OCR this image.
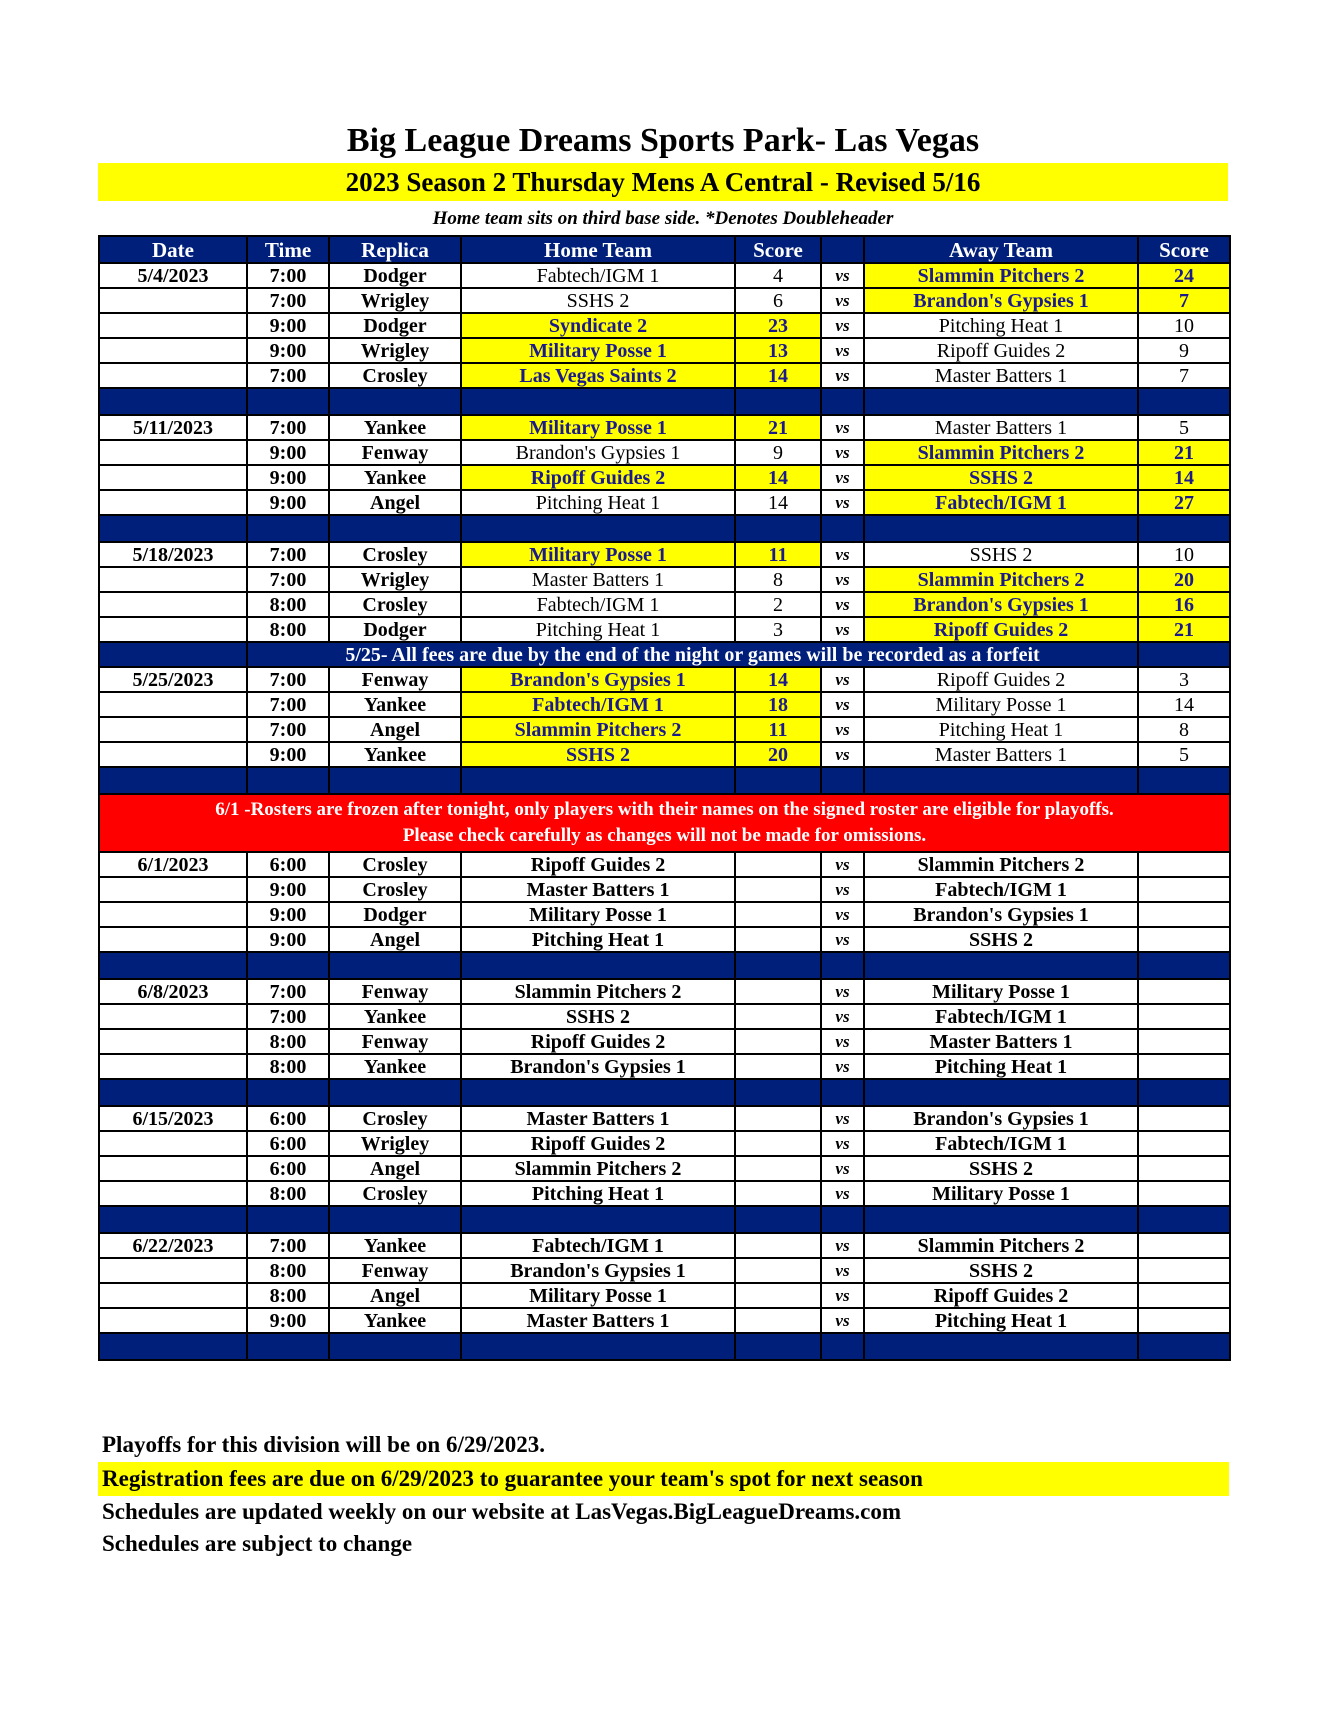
Big League Dreams Sports Park- Las Vegas
2023 Season 2 Thursday Mens A Central - Revised 5/16
Home team sits on third base side. *Denotes Doubleheader
Date	Time	Replica	Home Team	Score		Away Team	Score
5/4/2023	7:00	Dodger	Fabtech/IGM 1	4	vs	Slammin Pitchers 2	24
	7:00	Wrigley	SSHS 2	6	vs	Brandon's Gypsies 1	7
	9:00	Dodger	Syndicate 2	23	vs	Pitching Heat 1	10
	9:00	Wrigley	Military Posse 1	13	vs	Ripoff Guides 2	9
	7:00	Crosley	Las Vegas Saints 2	14	vs	Master Batters 1	7

5/11/2023	7:00	Yankee	Military Posse 1	21	vs	Master Batters 1	5
	9:00	Fenway	Brandon's Gypsies 1	9	vs	Slammin Pitchers 2	21
	9:00	Yankee	Ripoff Guides 2	14	vs	SSHS 2	14
	9:00	Angel	Pitching Heat 1	14	vs	Fabtech/IGM 1	27

5/18/2023	7:00	Crosley	Military Posse 1	11	vs	SSHS 2	10
	7:00	Wrigley	Master Batters 1	8	vs	Slammin Pitchers 2	20
	8:00	Crosley	Fabtech/IGM 1	2	vs	Brandon's Gypsies 1	16
	8:00	Dodger	Pitching Heat 1	3	vs	Ripoff Guides 2	21
	5/25- All fees are due by the end of the night or games will be recorded as a forfeit						
5/25/2023	7:00	Fenway	Brandon's Gypsies 1	14	vs	Ripoff Guides 2	3
	7:00	Yankee	Fabtech/IGM 1	18	vs	Military Posse 1	14
	7:00	Angel	Slammin Pitchers 2	11	vs	Pitching Heat 1	8
	9:00	Yankee	SSHS 2	20	vs	Master Batters 1	5

6/1 -Rosters are frozen after tonight, only players with their names on the signed roster are eligible for playoffs.
Please check carefully as changes will not be made for omissions.							

6/1/2023	6:00	Crosley	Ripoff Guides 2		vs	Slammin Pitchers 2	
	9:00	Crosley	Master Batters 1		vs	Fabtech/IGM 1	
	9:00	Dodger	Military Posse 1		vs	Brandon's Gypsies 1	
	9:00	Angel	Pitching Heat 1		vs	SSHS 2	

6/8/2023	7:00	Fenway	Slammin Pitchers 2		vs	Military Posse 1	
	7:00	Yankee	SSHS 2		vs	Fabtech/IGM 1	
	8:00	Fenway	Ripoff Guides 2		vs	Master Batters 1	
	8:00	Yankee	Brandon's Gypsies 1		vs	Pitching Heat 1	

6/15/2023	6:00	Crosley	Master Batters 1		vs	Brandon's Gypsies 1	
	6:00	Wrigley	Ripoff Guides 2		vs	Fabtech/IGM 1	
	6:00	Angel	Slammin Pitchers 2		vs	SSHS 2	
	8:00	Crosley	Pitching Heat 1		vs	Military Posse 1	

6/22/2023	7:00	Yankee	Fabtech/IGM 1		vs	Slammin Pitchers 2	
	8:00	Fenway	Brandon's Gypsies 1		vs	SSHS 2	
	8:00	Angel	Military Posse 1		vs	Ripoff Guides 2	
	9:00	Yankee	Master Batters 1		vs	Pitching Heat 1	

Playoffs for this division will be on 6/29/2023.
Registration fees are due on 6/29/2023 to guarantee your team's spot for next season
Schedules are updated weekly on our website at LasVegas.BigLeagueDreams.com
Schedules are subject to change
